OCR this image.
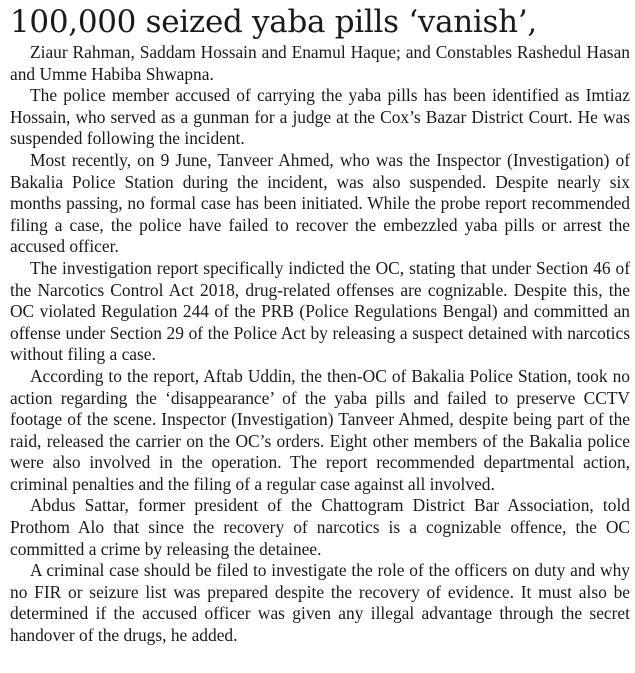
100,000 seized yaba pills ‘vanish’,

Ziaur Rahman, Saddam Hossain and Enamul Haque; and Constables Rashedul Hasan and Umme Habiba Shwapna.

The police member accused of carrying the yaba pills has been identified as Imtiaz Hossain, who served as a gunman for a judge at the Cox’s Bazar District Court. He was suspended following the incident.

Most recently, on 9 June, Tanveer Ahmed, who was the Inspector (Investigation) of Bakalia Police Station during the incident, was also suspended. Despite nearly six months passing, no formal case has been initiated. While the probe report recommended filing a case, the police have failed to recover the embezzled yaba pills or arrest the accused officer.

The investigation report specifically indicted the OC, stating that under Section 46 of the Narcotics Control Act 2018, drug-related offenses are cognizable. Despite this, the OC violated Regulation 244 of the PRB (Police Regulations Bengal) and committed an offense under Section 29 of the Police Act by releasing a suspect detained with narcotics without filing a case.

According to the report, Aftab Uddin, the then-OC of Bakalia Police Station, took no action regarding the ‘disappearance’ of the yaba pills and failed to preserve CCTV footage of the scene. Inspector (Investigation) Tanveer Ahmed, despite being part of the raid, released the carrier on the OC’s orders. Eight other members of the Bakalia police were also involved in the operation. The report recommended departmental action, criminal penalties and the filing of a regular case against all involved.

Abdus Sattar, former president of the Chattogram District Bar Association, told Prothom Alo that since the recovery of narcotics is a cognizable offence, the OC committed a crime by releasing the detainee.

A criminal case should be filed to investigate the role of the officers on duty and why no FIR or seizure list was prepared despite the recovery of evidence. It must also be determined if the accused officer was given any illegal advantage through the secret handover of the drugs, he added.
